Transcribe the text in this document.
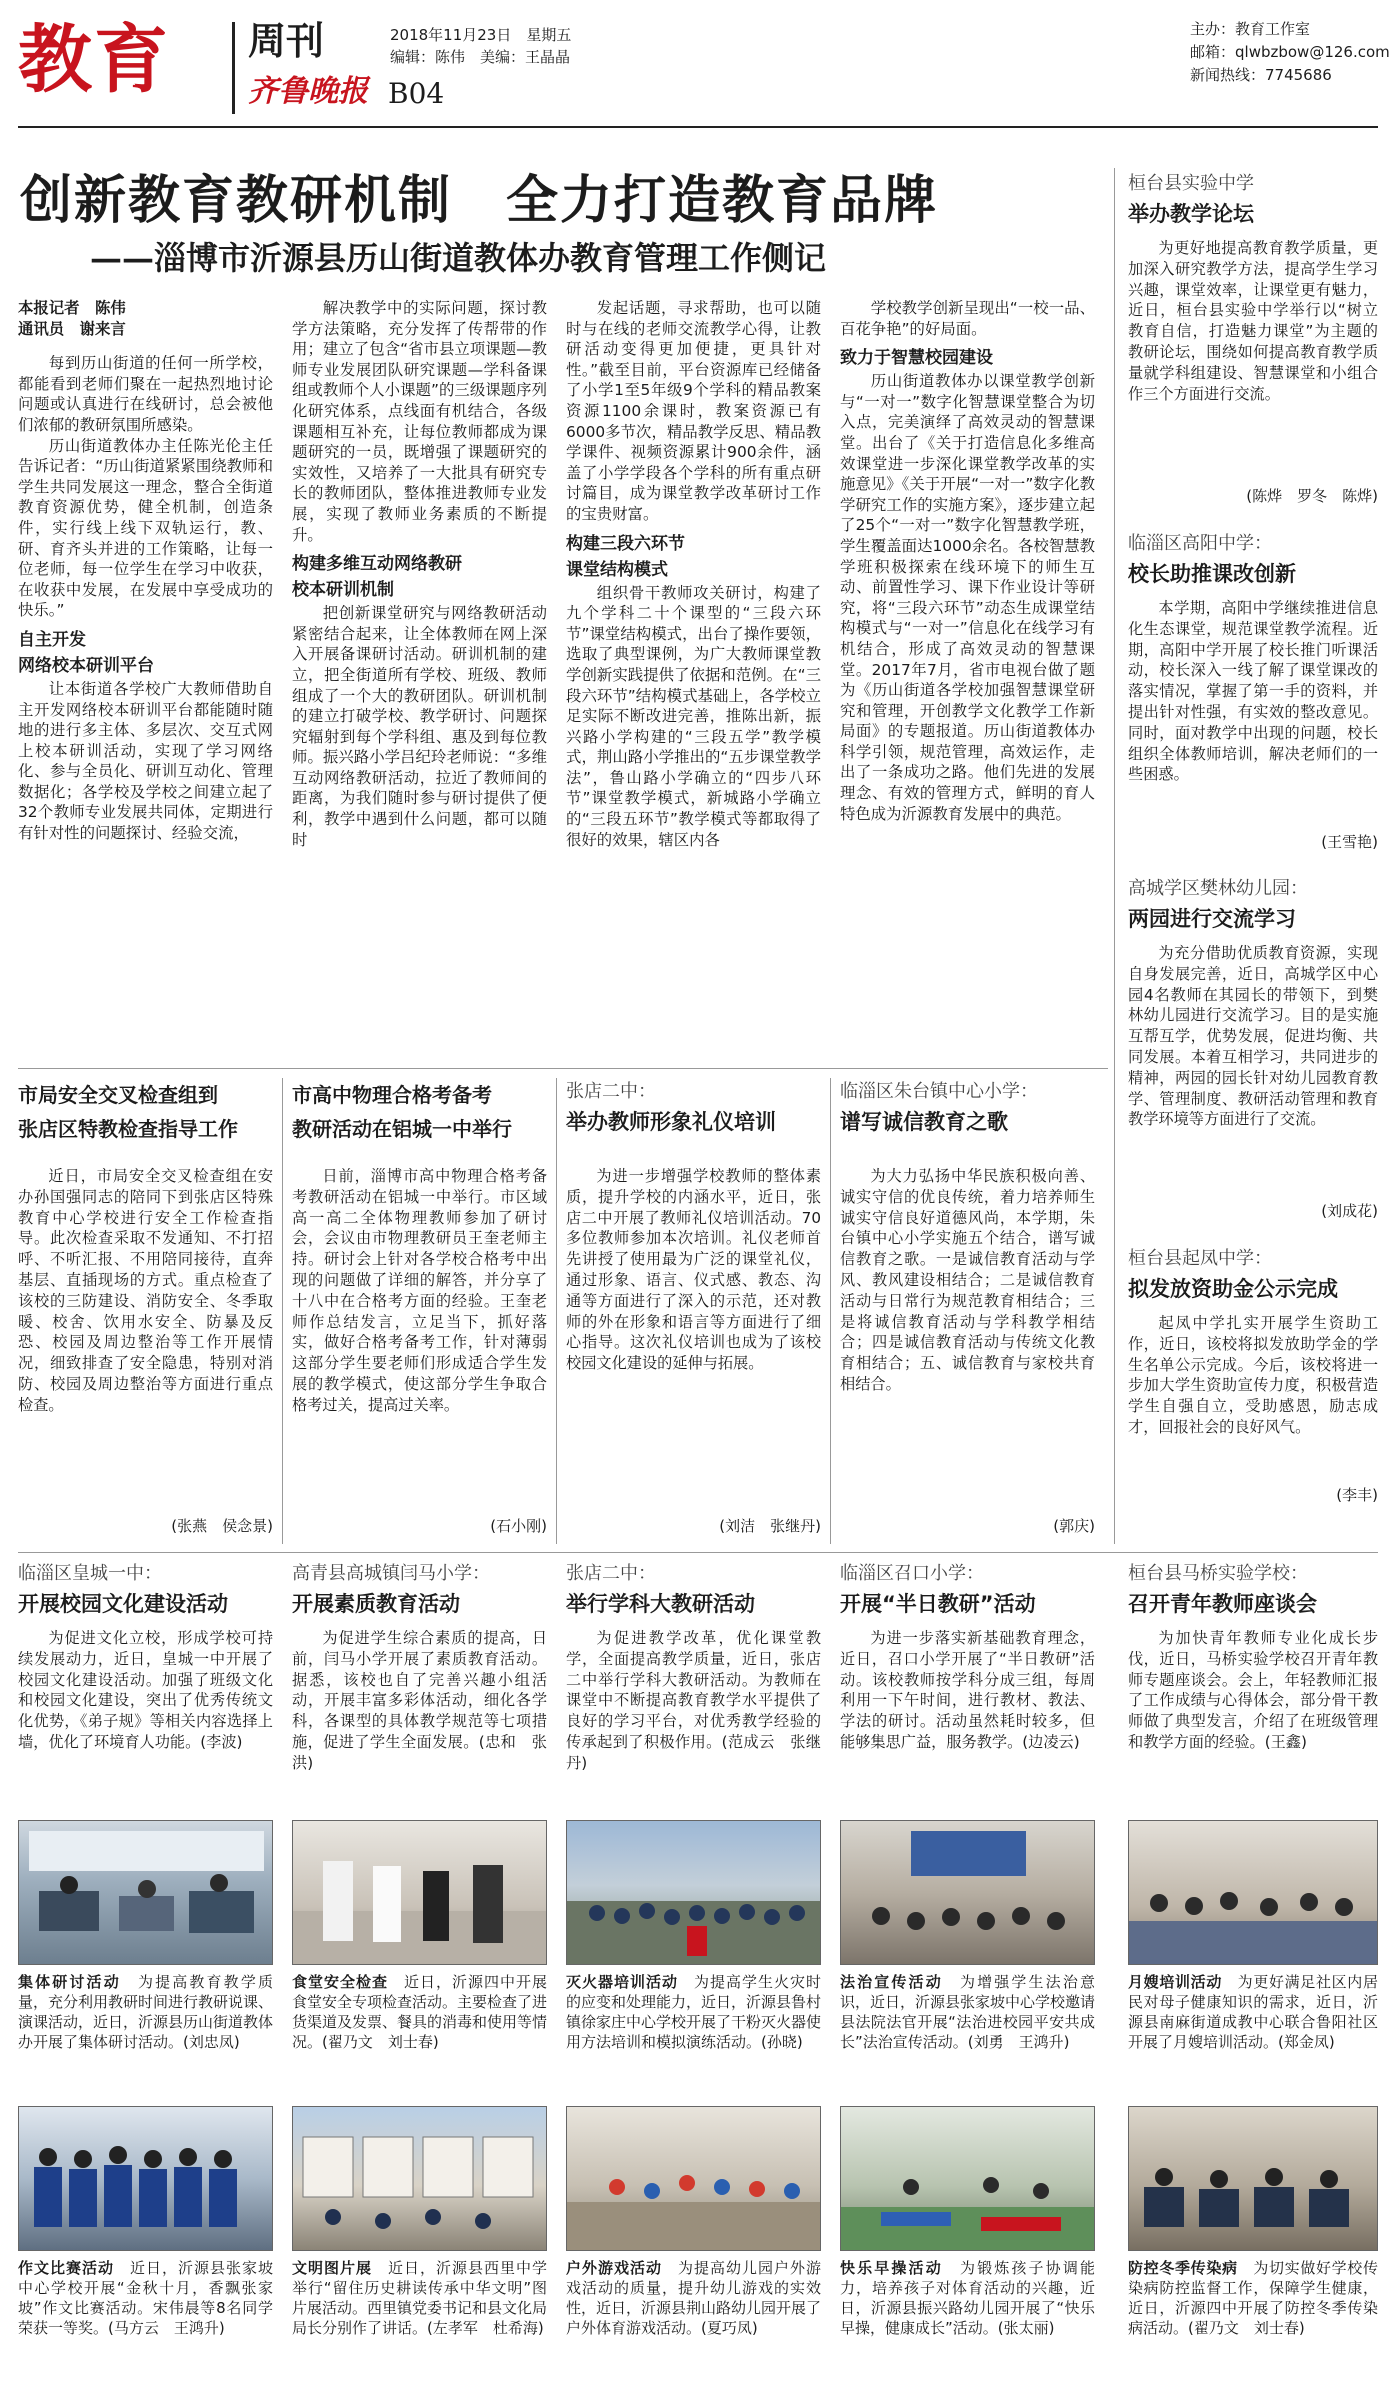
教育 周刊
齐鲁晚报 B04
2018年11月23日　星期五
编辑：陈伟　美编：王晶晶
主办：教育工作室
邮箱：qlwbzbow@126.com
新闻热线：7745686
创新教育教研机制　全力打造教育品牌
——淄博市沂源县历山街道教体办教育管理工作侧记

本报记者　陈伟

通讯员　谢来言

每到历山街道的任何一所学校，都能看到老师们聚在一起热烈地讨论问题或认真进行在线研讨，总会被他们浓郁的教研氛围所感染。

历山街道教体办主任陈光伦主任告诉记者：“历山街道紧紧围绕教师和学生共同发展这一理念，整合全街道教育资源优势，健全机制，创造条件，实行线上线下双轨运行，教、研、育齐头并进的工作策略，让每一位老师，每一位学生在学习中收获，在收获中发展，在发展中享受成功的快乐。”

自主开发

网络校本研训平台

让本街道各学校广大教师借助自主开发网络校本研训平台都能随时随地的进行多主体、多层次、交互式网上校本研训活动，实现了学习网络化、参与全员化、研训互动化、管理数据化；各学校及学校之间建立起了32个教师专业发展共同体，定期进行有针对性的问题探讨、经验交流，

解决教学中的实际问题，探讨教学方法策略，充分发挥了传帮带的作用；建立了包含“省市县立项课题—教师专业发展团队研究课题—学科备课组或教师个人小课题”的三级课题序列化研究体系，点线面有机结合，各级课题相互补充，让每位教师都成为课题研究的一员，既增强了课题研究的实效性，又培养了一大批具有研究专长的教师团队，整体推进教师专业发展，实现了教师业务素质的不断提升。

构建多维互动网络教研
校本研训机制

把创新课堂研究与网络教研活动紧密结合起来，让全体教师在网上深入开展备课研讨活动。研训机制的建立，把全街道所有学校、班级、教师组成了一个大的教研团队。研训机制的建立打破学校、教学研讨、问题探究辐射到每个学科组、惠及到每位教师。振兴路小学吕纪玲老师说：“多维互动网络教研活动，拉近了教师间的距离，为我们随时参与研讨提供了便利，教学中遇到什么问题，都可以随时

发起话题，寻求帮助，也可以随时与在线的老师交流教学心得，让教研活动变得更加便捷，更具针对性。”截至目前，平台资源库已经储备了小学1至5年级9个学科的精品教案资源1100余课时，教案资源已有6000多节次，精品教学反思、精品教学课件、视频资源累计900余件，涵盖了小学学段各个学科的所有重点研讨篇目，成为课堂教学改革研讨工作的宝贵财富。

构建三段六环节
课堂结构模式

组织骨干教师攻关研讨，构建了九个学科二十个课型的“三段六环节”课堂结构模式，出台了操作要领，选取了典型课例，为广大教师课堂教学创新实践提供了依据和范例。在“三段六环节”结构模式基础上，各学校立足实际不断改进完善，推陈出新，振兴路小学构建的“三段五学”教学模式，荆山路小学推出的“五步课堂教学法”，鲁山路小学确立的“四步八环节”课堂教学模式，新城路小学确立的“三段五环节”教学模式等都取得了很好的效果，辖区内各

学校教学创新呈现出“一校一品、百花争艳”的好局面。

致力于智慧校园建设

历山街道教体办以课堂教学创新与“一对一”数字化智慧课堂整合为切入点，完美演绎了高效灵动的智慧课堂。出台了《关于打造信息化多维高效课堂进一步深化课堂教学改革的实施意见》《关于开展“一对一”数字化教学研究工作的实施方案》，逐步建立起了25个“一对一”数字化智慧教学班，学生覆盖面达1000余名。各校智慧教学班积极探索在线环境下的师生互动、前置性学习、课下作业设计等研究，将“三段六环节”动态生成课堂结构模式与“一对一”信息化在线学习有机结合，形成了高效灵动的智慧课堂。2017年7月，省市电视台做了题为《历山街道各学校加强智慧课堂研究和管理，开创教学文化教学工作新局面》的专题报道。历山街道教体办科学引领，规范管理，高效运作，走出了一条成功之路。他们先进的发展理念、有效的管理方式，鲜明的育人特色成为沂源教育发展中的典范。

桓台县实验中学
举办教学论坛

为更好地提高教育教学质量，更加深入研究教学方法，提高学生学习兴趣，课堂效率，让课堂更有魅力，近日，桓台县实验中学举行以“树立教育自信，打造魅力课堂”为主题的教研论坛，围绕如何提高教育教学质量就学科组建设、智慧课堂和小组合作三个方面进行交流。

(陈烨　罗冬　陈烨)
临淄区高阳中学：
校长助推课改创新

本学期，高阳中学继续推进信息化生态课堂，规范课堂教学流程。近期，高阳中学开展了校长推门听课活动，校长深入一线了解了课堂课改的落实情况，掌握了第一手的资料，并提出针对性强，有实效的整改意见。同时，面对教学中出现的问题，校长组织全体教师培训，解决老师们的一些困惑。

(王雪艳)
高城学区樊林幼儿园：
两园进行交流学习

为充分借助优质教育资源，实现自身发展完善，近日，高城学区中心园4名教师在其园长的带领下，到樊林幼儿园进行交流学习。目的是实施互帮互学，优势发展，促进均衡、共同发展。本着互相学习，共同进步的精神，两园的园长针对幼儿园教育教学、管理制度、教研活动管理和教育教学环境等方面进行了交流。

(刘成花)
桓台县起凤中学：
拟发放资助金公示完成

起凤中学扎实开展学生资助工作，近日，该校将拟发放助学金的学生名单公示完成。今后，该校将进一步加大学生资助宣传力度，积极营造学生自强自立，受助感恩，励志成才，回报社会的良好风气。

(李丰)
市局安全交叉检查组到
张店区特教检查指导工作

近日，市局安全交叉检查组在安办孙国强同志的陪同下到张店区特殊教育中心学校进行安全工作检查指导。此次检查采取不发通知、不打招呼、不听汇报、不用陪同接待，直奔基层、直插现场的方式。重点检查了该校的三防建设、消防安全、冬季取暖、校舍、饮用水安全、防暴及反恐、校园及周边整治等工作开展情况，细致排查了安全隐患，特别对消防、校园及周边整治等方面进行重点检查。

(张燕　侯念景)
市高中物理合格考备考
教研活动在铝城一中举行

日前，淄博市高中物理合格考备考教研活动在铝城一中举行。市区域高一高二全体物理教师参加了研讨会，会议由市物理教研员王奎老师主持。研讨会上针对各学校合格考中出现的问题做了详细的解答，并分享了十八中在合格考方面的经验。王奎老师作总结发言，立足当下，抓好落实，做好合格考备考工作，针对薄弱这部分学生要老师们形成适合学生发展的教学模式，使这部分学生争取合格考过关，提高过关率。

(石小刚)
张店二中：
举办教师形象礼仪培训

为进一步增强学校教师的整体素质，提升学校的内涵水平，近日，张店二中开展了教师礼仪培训活动。70多位教师参加本次培训。礼仪老师首先讲授了使用最为广泛的课堂礼仪，通过形象、语言、仪式感、教态、沟通等方面进行了深入的示范，还对教师的外在形象和语言等方面进行了细心指导。这次礼仪培训也成为了该校校园文化建设的延伸与拓展。

(刘洁　张继丹)
临淄区朱台镇中心小学：
谱写诚信教育之歌

为大力弘扬中华民族积极向善、诚实守信的优良传统，着力培养师生诚实守信良好道德风尚，本学期，朱台镇中心小学实施五个结合，谱写诚信教育之歌。一是诚信教育活动与学风、教风建设相结合；二是诚信教育活动与日常行为规范教育相结合；三是将诚信教育活动与学科教学相结合；四是诚信教育活动与传统文化教育相结合；五、诚信教育与家校共育相结合。

(郭庆)
临淄区皇城一中：
开展校园文化建设活动

为促进文化立校，形成学校可持续发展动力，近日，皇城一中开展了校园文化建设活动。加强了班级文化和校园文化建设，突出了优秀传统文化优势，《弟子规》等相关内容选择上墙，优化了环境育人功能。(李波)

高青县高城镇闫马小学：
开展素质教育活动

为促进学生综合素质的提高，日前，闫马小学开展了素质教育活动。据悉，该校也自了完善兴趣小组活动，开展丰富多彩体活动，细化各学科，各课型的具体教学规范等七项措施，促进了学生全面发展。(忠和　张洪)

张店二中：
举行学科大教研活动

为促进教学改革，优化课堂教学，全面提高教学质量，近日，张店二中举行学科大教研活动。为教师在课堂中不断提高教育教学水平提供了良好的学习平台，对优秀教学经验的传承起到了积极作用。(范成云　张继丹)

临淄区召口小学：
开展“半日教研”活动

为进一步落实新基础教育理念，近日，召口小学开展了“半日教研”活动。该校教师按学科分成三组，每周利用一下午时间，进行教材、教法、学法的研讨。活动虽然耗时较多，但能够集思广益，服务教学。(边凌云)

桓台县马桥实验学校：
召开青年教师座谈会

为加快青年教师专业化成长步伐，近日，马桥实验学校召开青年教师专题座谈会。会上，年轻教师汇报了工作成绩与心得体会，部分骨干教师做了典型发言，介绍了在班级管理和教学方面的经验。(王鑫)

集体研讨活动　 为提高教育教学质量，充分利用教研时间进行教研说课、演课活动，近日，沂源县历山街道教体办开展了集体研讨活动。(刘忠凤)
食堂安全检查　 近日，沂源四中开展食堂安全专项检查活动。主要检查了进货渠道及发票、餐具的消毒和使用等情况。(翟乃文　刘士春)
灭火器培训活动　 为提高学生火灾时的应变和处理能力，近日，沂源县鲁村镇徐家庄中心学校开展了干粉灭火器使用方法培训和模拟演练活动。(孙晓)
法治宣传活动　 为增强学生法治意识，近日，沂源县张家坡中心学校邀请县法院法官开展“法治进校园平安共成长”法治宣传活动。(刘勇　王鸿升)
月嫂培训活动　 为更好满足社区内居民对母子健康知识的需求，近日，沂源县南麻街道成教中心联合鲁阳社区开展了月嫂培训活动。(郑金凤)
作文比赛活动　 近日，沂源县张家坡中心学校开展“金秋十月，香飘张家坡”作文比赛活动。宋伟晨等8名同学荣获一等奖。(马方云　王鸿升)
文明图片展　 近日，沂源县西里中学举行“留住历史耕读传承中华文明”图片展活动。西里镇党委书记和县文化局局长分别作了讲话。(左孝军　杜希海)
户外游戏活动　 为提高幼儿园户外游戏活动的质量，提升幼儿游戏的实效性，近日，沂源县荆山路幼儿园开展了户外体育游戏活动。(夏巧凤)
快乐早操活动　 为锻炼孩子协调能力，培养孩子对体育活动的兴趣，近日，沂源县振兴路幼儿园开展了“快乐早操，健康成长”活动。(张太丽)
防控冬季传染病　 为切实做好学校传染病防控监督工作，保障学生健康，近日，沂源四中开展了防控冬季传染病活动。(翟乃文　刘士春)
